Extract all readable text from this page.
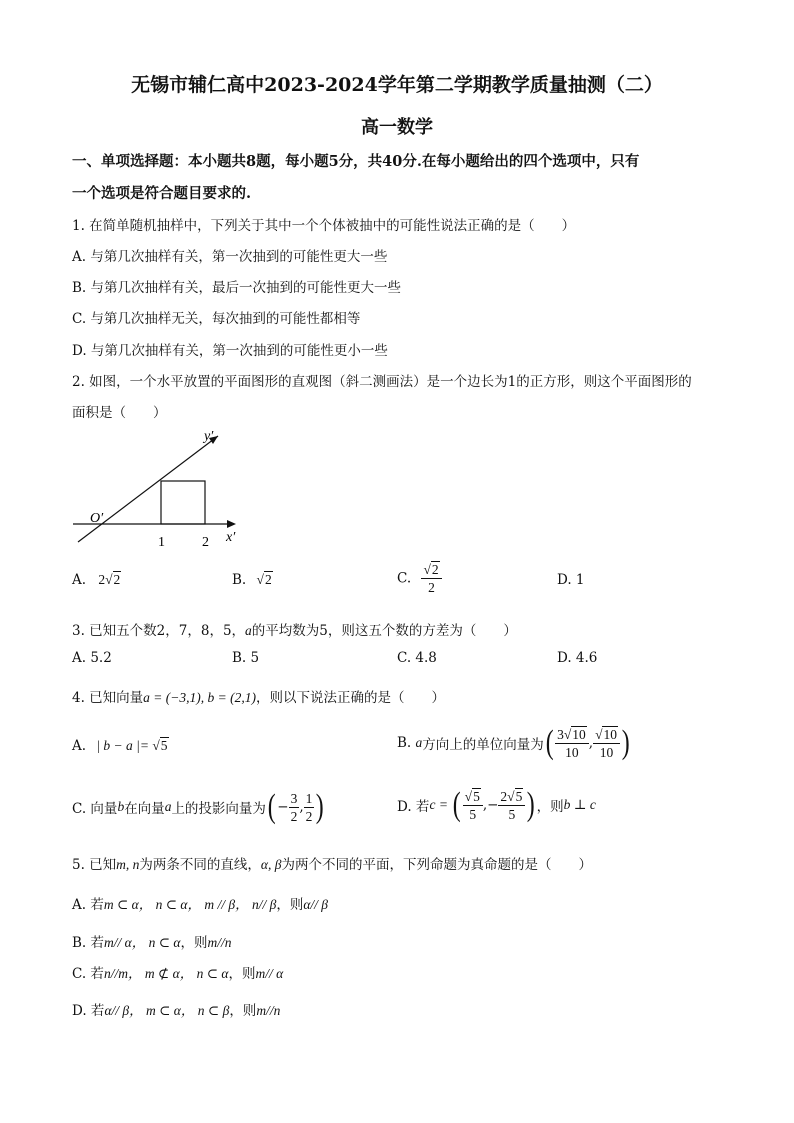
无锡市辅仁高中2023-2024学年第二学期教学质量抽测（二）
高一数学
一、单项选择题：本小题共8题，每小题5分，共40分.在每小题给出的四个选项中，只有
一个选项是符合题目要求的.
1. 在简单随机抽样中，下列关于其中一个个体被抽中的可能性说法正确的是（　　）
A. 与第几次抽样有关，第一次抽到的可能性更大一些
B. 与第几次抽样有关，最后一次抽到的可能性更大一些
C. 与第几次抽样无关，每次抽到的可能性都相等
D. 与第几次抽样有关，第一次抽到的可能性更小一些
2. 如图，一个水平放置的平面图形的直观图（斜二测画法）是一个边长为1的正方形，则这个平面图形的
面积是（　　）
y′
O′
x′
1	2
A. 2√2	B. √2	C. $\frac{√2}{2}$	D. 1
3. 已知五个数2，7，8，5，a的平均数为5，则这五个数的方差为（　　）
A. 5.2	B. 5	C. 4.8	D. 4.6
4. 已知向量a = (−3,1), b = (2,1)，则以下说法正确的是（　　）
A. | b − a |= √5	B. a方向上的单位向量为( $\frac{3√10}{10}$ , $\frac{√10}{10}$ )
C. 向量b在向量a上的投影向量为( − $\frac{3}{2}$ , $\frac{1}{2}$ )	D. 若c = ( $\frac{√5}{5}$ ,− $\frac{2√5}{5}$ ) ，则b ⊥ c
5. 已知m, n为两条不同的直线，α, β为两个不同的平面，下列命题为真命题的是（　　）
A. 若m ⊂ α， n ⊂ α， m // β， n// β，则α// β
B. 若m// α， n ⊂ α，则m//n
C. 若n//m， m ⊄ α， n ⊂ α，则m// α
D. 若α// β， m ⊂ α， n ⊂ β，则m//n
